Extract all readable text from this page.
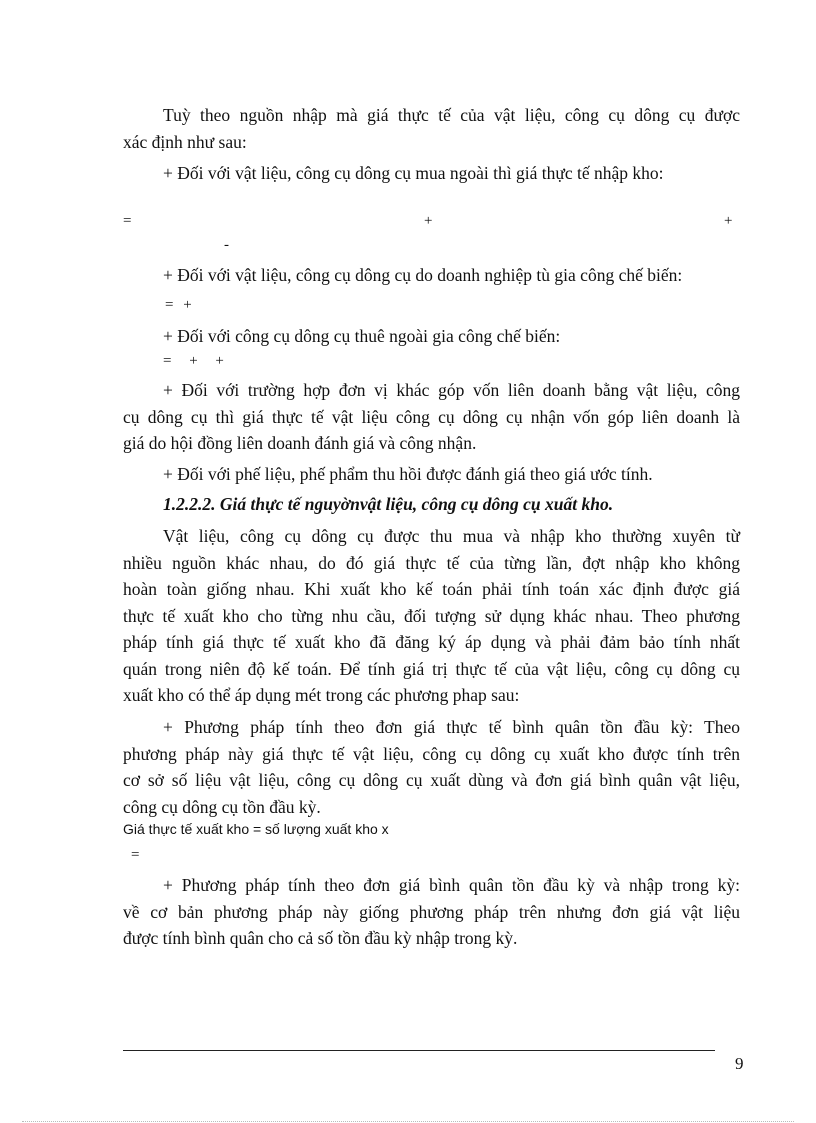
Tuỳ theo nguồn nhập mà giá thực tế của vật liệu, công cụ dông cụ được
xác định như sau:
+ Đối với vật liệu, công cụ dông cụ mua ngoài thì giá thực tế nhập kho:
=	+	+
-
+ Đối với vật liệu, công cụ dông cụ do doanh nghiệp tù gia công chế biến:
= +
+ Đối với công cụ dông cụ thuê ngoài gia công chế biến:
= + +
+ Đối với trường hợp đơn vị khác góp vốn liên doanh bằng vật liệu, công
cụ dông cụ thì giá thực tế vật liệu công cụ dông cụ nhận vốn góp liên doanh là
giá do hội đồng liên doanh đánh giá và công nhận.
+ Đối với phế liệu, phế phẩm thu hồi được đánh giá theo giá ước tính.
1.2.2.2. Giá thực tế nguyờnvật liệu, công cụ dông cụ xuất kho.
Vật liệu, công cụ dông cụ được thu mua và nhập kho thường xuyên từ
nhiều nguồn khác nhau, do đó giá thực tế của từng lần, đợt nhập kho không
hoàn toàn giống nhau. Khi xuất kho kế toán phải tính toán xác định được giá
thực tế xuất kho cho từng nhu cầu, đối tượng sử dụng khác nhau. Theo phương
pháp tính giá thực tế xuất kho đã đăng ký áp dụng và phải đảm bảo tính nhất
quán trong niên độ kế toán. Để tính giá trị thực tế của vật liệu, công cụ dông cụ
xuất kho có thể áp dụng mét trong các phương phap sau:
+ Phương pháp tính theo đơn giá thực tế bình quân tồn đầu kỳ: Theo
phương pháp này giá thực tế vật liệu, công cụ dông cụ xuất kho được tính trên
cơ sở số liệu vật liệu, công cụ dông cụ xuất dùng và đơn giá bình quân vật liệu,
công cụ dông cụ tồn đầu kỳ.
Giá thực tế xuất kho = số lượng xuất kho x
=
+ Phương pháp tính theo đơn giá bình quân tồn đầu kỳ và nhập trong kỳ:
về cơ bản phương pháp này giống phương pháp trên nhưng đơn giá vật liệu
được tính bình quân cho cả số tồn đầu kỳ nhập trong kỳ.
9
